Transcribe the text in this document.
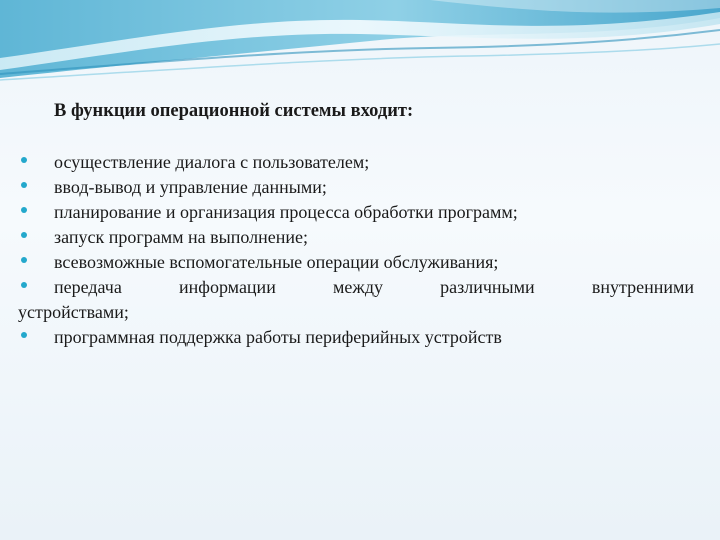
В функции операционной системы входит:
осуществление диалога с пользователем;
ввод-вывод и управление данными;
планирование и организация процесса обработки программ;
запуск программ на выполнение;
всевозможные вспомогательные операции обслуживания;
передача	информации	между	различными	внутренними
устройствами;
программная поддержка работы периферийных устройств
